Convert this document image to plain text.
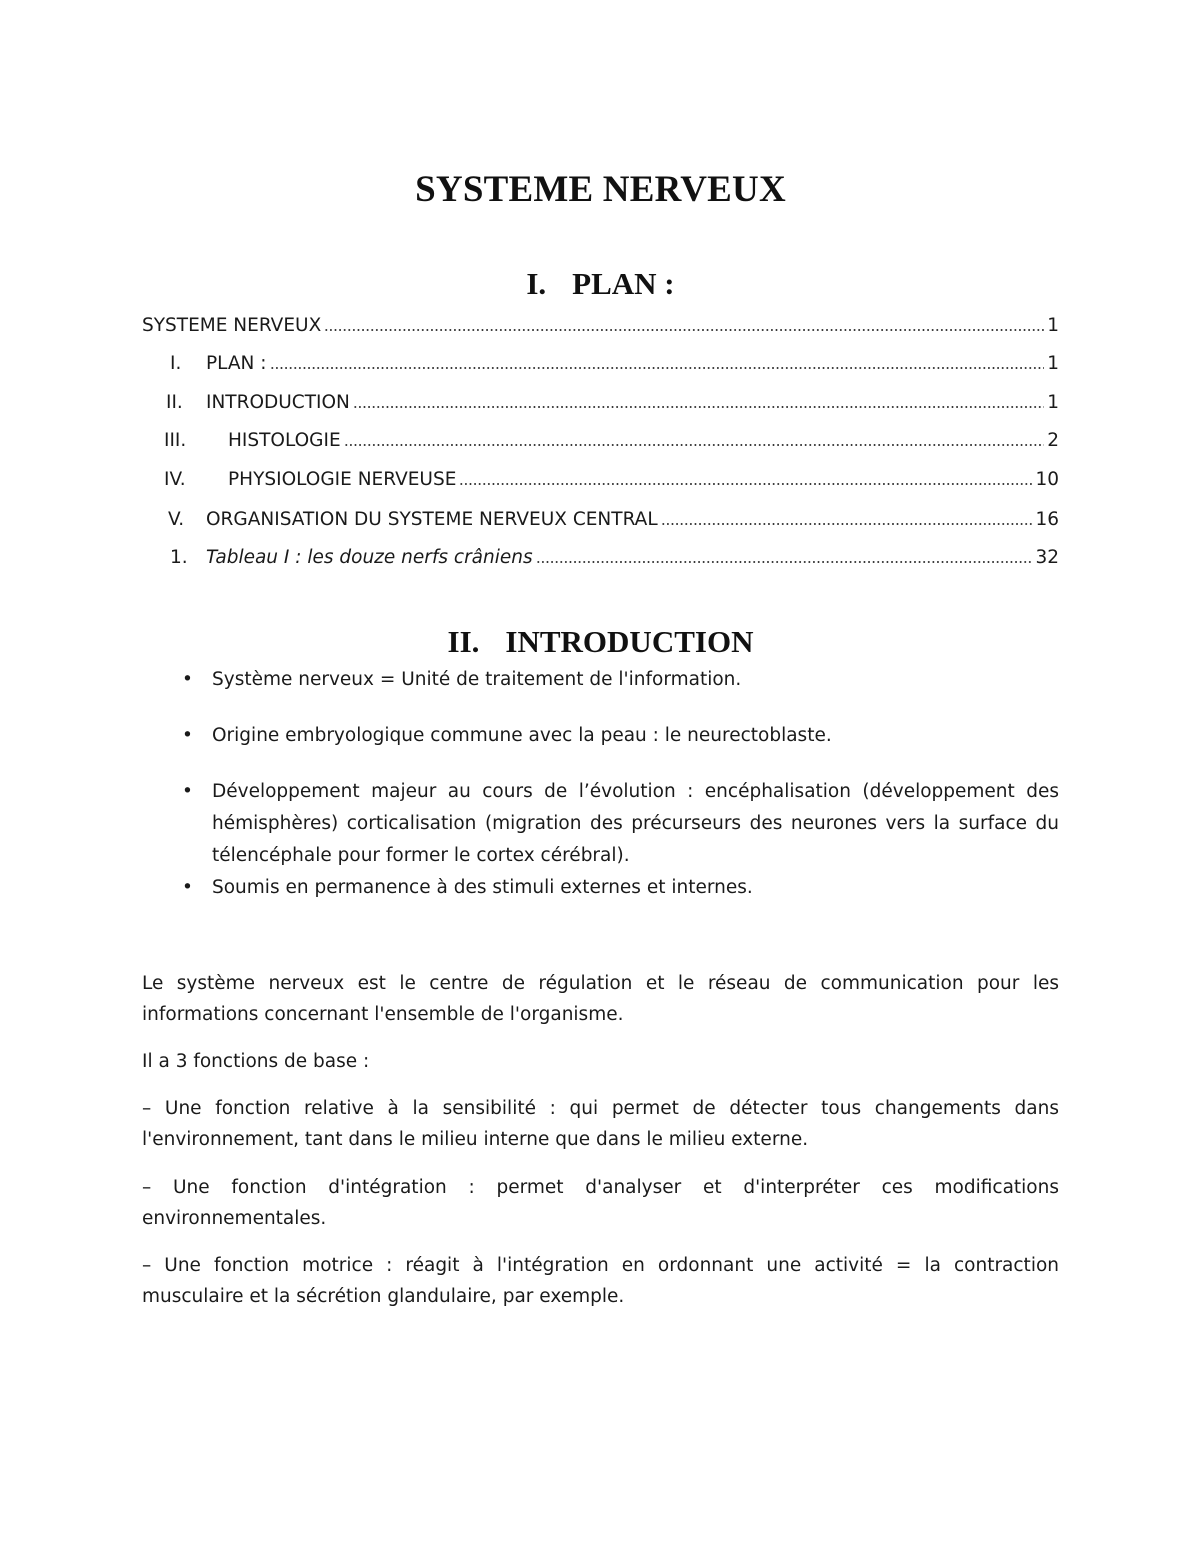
SYSTEME NERVEUX
I. PLAN :
SYSTEME NERVEUX	1
I.	PLAN :	1
II.	INTRODUCTION	1
III.	HISTOLOGIE	2
IV.	PHYSIOLOGIE NERVEUSE	10
V.	ORGANISATION DU SYSTEME NERVEUX CENTRAL	16
1. Tableau I : les douze nerfs crâniens	32
II. INTRODUCTION
• Système nerveux = Unité de traitement de l'information.
• Origine embryologique commune avec la peau : le neurectoblaste.
• Développement majeur au cours de l’évolution : encéphalisation (développement des hémisphères) corticalisation (migration des précurseurs des neurones vers la surface du télencéphale pour former le cortex cérébral).
• Soumis en permanence à des stimuli externes et internes.

Le système nerveux est le centre de régulation et le réseau de communication pour les informations concernant l'ensemble de l'organisme.

Il a 3 fonctions de base :

– Une fonction relative à la sensibilité : qui permet de détecter tous changements dans l'environnement, tant dans le milieu interne que dans le milieu externe.

– Une fonction d'intégration : permet d'analyser et d'interpréter ces modifications environnementales.

– Une fonction motrice : réagit à l'intégration en ordonnant une activité = la contraction musculaire et la sécrétion glandulaire, par exemple.
